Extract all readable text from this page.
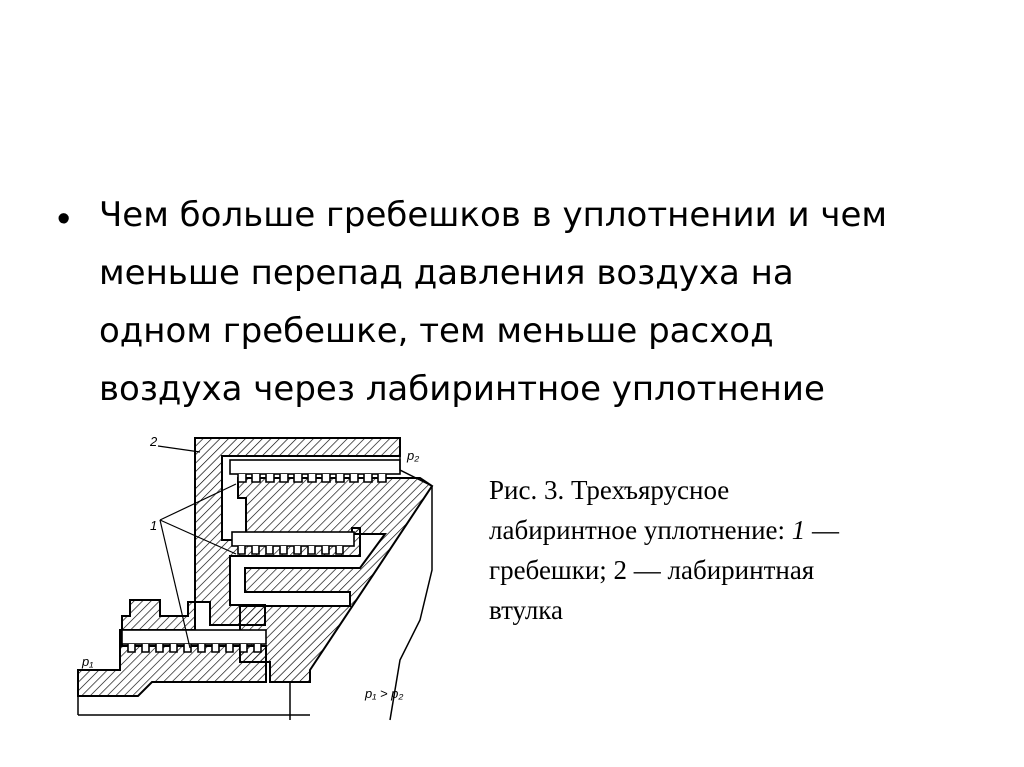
• Чем больше гребешков в уплотнении и чем
меньше перепад давления воздуха на
одном гребешке, тем меньше расход
воздуха через лабиринтное уплотнение
2
1
p₂
p₁
p₁ > p₂
Рис. 3. Трехъярусное
лабиринтное уплотнение: 1 —
гребешки; 2 — лабиринтная
втулка
